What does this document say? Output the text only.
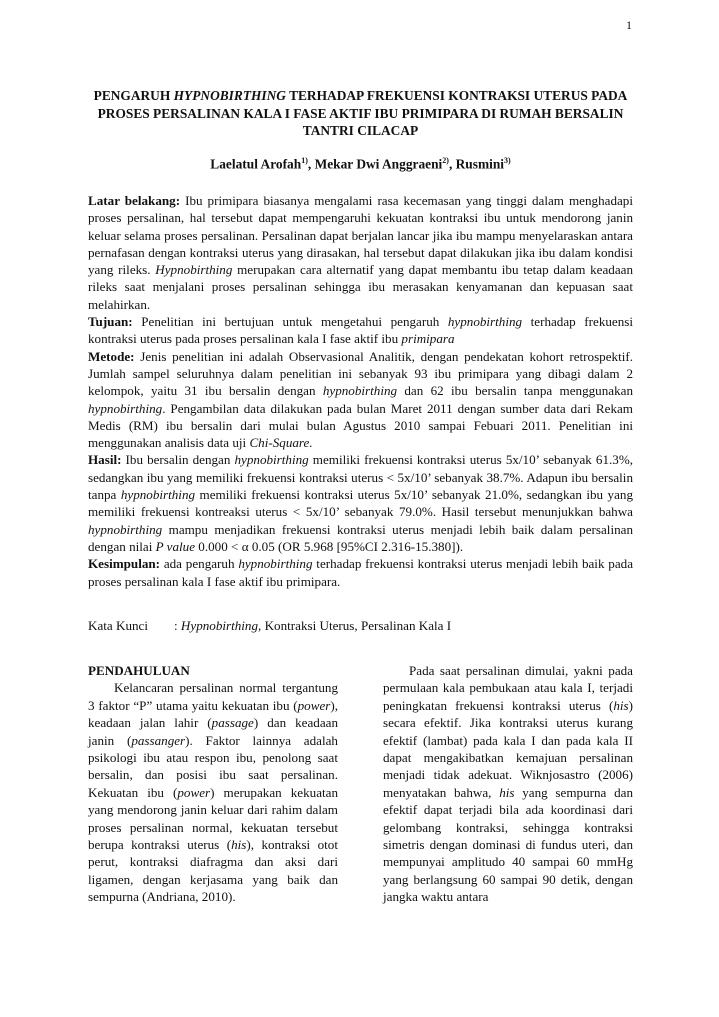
1
PENGARUH HYPNOBIRTHING TERHADAP FREKUENSI KONTRAKSI UTERUS PADA PROSES PERSALINAN KALA I FASE AKTIF IBU PRIMIPARA DI RUMAH BERSALIN TANTRI CILACAP
Laelatul Arofah$^{1)}$, Mekar Dwi Anggraeni$^{2)}$, Rusmini$^{3)}$

Latar belakang: Ibu primipara biasanya mengalami rasa kecemasan yang tinggi dalam menghadapi proses persalinan, hal tersebut dapat mempengaruhi kekuatan kontraksi ibu untuk mendorong janin keluar selama proses persalinan. Persalinan dapat berjalan lancar jika ibu mampu menyelaraskan antara pernafasan dengan kontraksi uterus yang dirasakan, hal tersebut dapat dilakukan jika ibu dalam kondisi yang rileks. Hypnobirthing merupakan cara alternatif yang dapat membantu ibu tetap dalam keadaan rileks saat menjalani proses persalinan sehingga ibu merasakan kenyamanan dan kepuasan saat melahirkan.

Tujuan: Penelitian ini bertujuan untuk mengetahui pengaruh hypnobirthing terhadap frekuensi kontraksi uterus pada proses persalinan kala I fase aktif ibu primipara

Metode: Jenis penelitian ini adalah Observasional Analitik, dengan pendekatan kohort retrospektif. Jumlah sampel seluruhnya dalam penelitian ini sebanyak 93 ibu primipara yang dibagi dalam 2 kelompok, yaitu 31 ibu bersalin dengan hypnobirthing dan 62 ibu bersalin tanpa menggunakan hypnobirthing. Pengambilan data dilakukan pada bulan Maret 2011 dengan sumber data dari Rekam Medis (RM) ibu bersalin dari mulai bulan Agustus 2010 sampai Febuari 2011. Penelitian ini menggunakan analisis data uji Chi-Square.

Hasil: Ibu bersalin dengan hypnobirthing memiliki frekuensi kontraksi uterus 5x/10’ sebanyak 61.3%, sedangkan ibu yang memiliki frekuensi kontraksi uterus < 5x/10’ sebanyak 38.7%. Adapun ibu bersalin tanpa hypnobirthing memiliki frekuensi kontraksi uterus 5x/10’ sebanyak 21.0%, sedangkan ibu yang memiliki frekuensi kontreaksi uterus < 5x/10’ sebanyak 79.0%. Hasil tersebut menunjukkan bahwa hypnobirthing mampu menjadikan frekuensi kontraksi uterus menjadi lebih baik dalam persalinan dengan nilai P value 0.000 < α 0.05 (OR 5.968 [95%CI 2.316-15.380]).

Kesimpulan: ada pengaruh hypnobirthing terhadap frekuensi kontraksi uterus menjadi lebih baik pada proses persalinan kala I fase aktif ibu primipara.

Kata Kunci : Hypnobirthing, Kontraksi Uterus, Persalinan Kala I

PENDAHULUAN

Kelancaran persalinan normal tergantung 3 faktor “P” utama yaitu kekuatan ibu (power), keadaan jalan lahir (passage) dan keadaan janin (passanger). Faktor lainnya adalah psikologi ibu atau respon ibu, penolong saat bersalin, dan posisi ibu saat persalinan. Kekuatan ibu (power) merupakan kekuatan yang mendorong janin keluar dari rahim dalam proses persalinan normal, kekuatan tersebut berupa kontraksi uterus (his), kontraksi otot perut, kontraksi diafragma dan aksi dari ligamen, dengan kerjasama yang baik dan sempurna (Andriana, 2010).

Pada saat persalinan dimulai, yakni pada permulaan kala pembukaan atau kala I, terjadi peningkatan frekuensi kontraksi uterus (his) secara efektif. Jika kontraksi uterus kurang efektif (lambat) pada kala I dan pada kala II dapat mengakibatkan kemajuan persalinan menjadi tidak adekuat. Wiknjosastro (2006) menyatakan bahwa, his yang sempurna dan efektif dapat terjadi bila ada koordinasi dari gelombang kontraksi, sehingga kontraksi simetris dengan dominasi di fundus uteri, dan mempunyai amplitudo 40 sampai 60 mmHg yang berlangsung 60 sampai 90 detik, dengan jangka waktu antara
